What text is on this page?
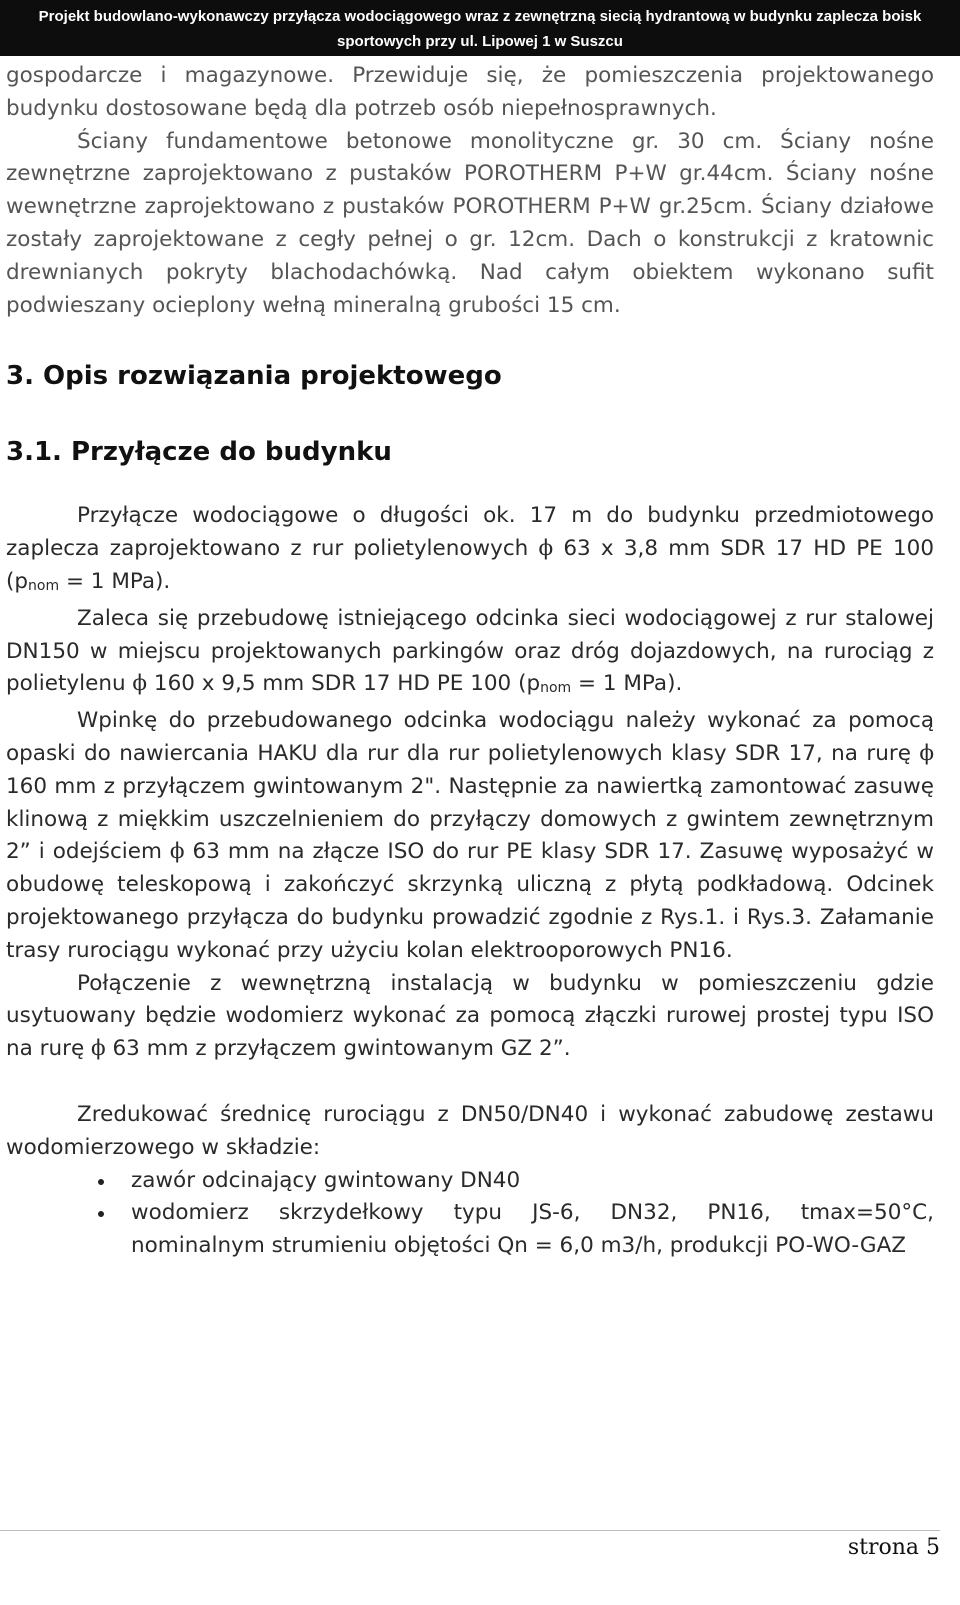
Projekt budowlano-wykonawczy przyłącza wodociągowego wraz z zewnętrzną siecią hydrantową w budynku zaplecza boisk
sportowych przy ul. Lipowej 1 w Suszcu

gospodarcze i magazynowe. Przewiduje się, że pomieszczenia projektowanego budynku dostosowane będą dla potrzeb osób niepełnosprawnych.

Ściany fundamentowe betonowe monolityczne gr. 30 cm. Ściany nośne zewnętrzne zaprojektowano z pustaków POROTHERM P+W gr.44cm. Ściany nośne wewnętrzne zaprojektowano z pustaków POROTHERM P+W gr.25cm. Ściany działowe zostały zaprojektowane z cegły pełnej o gr. 12cm. Dach o konstrukcji z kratownic drewnianych pokryty blachodachówką. Nad całym obiektem wykonano sufit podwieszany ocieplony wełną mineralną grubości 15 cm.

3. Opis rozwiązania projektowego
3.1. Przyłącze do budynku

Przyłącze wodociągowe o długości ok. 17 m do budynku przedmiotowego zaplecza zaprojektowano z rur polietylenowych ϕ 63 x 3,8 mm SDR 17 HD PE 100 ($p_{nom} = 1$ MPa).

Zaleca się przebudowę istniejącego odcinka sieci wodociągowej z rur stalowej DN150 w miejscu projektowanych parkingów oraz dróg dojazdowych, na rurociąg z polietylenu ϕ 160 x 9,5 mm SDR 17 HD PE 100 ($p_{nom} = 1$ MPa).

Wpinkę do przebudowanego odcinka wodociągu należy wykonać za pomocą opaski do nawiercania HAKU dla rur dla rur polietylenowych klasy SDR 17, na rurę ϕ 160 mm z przyłączem gwintowanym 2". Następnie za nawiertką zamontować zasuwę klinową z miękkim uszczelnieniem do przyłączy domowych z gwintem zewnętrznym 2” i odejściem ϕ 63 mm na złącze ISO do rur PE klasy SDR 17. Zasuwę wyposażyć w obudowę teleskopową i zakończyć skrzynką uliczną z płytą podkładową. Odcinek projektowanego przyłącza do budynku prowadzić zgodnie z Rys.1. i Rys.3. Załamanie trasy rurociągu wykonać przy użyciu kolan elektrooporowych PN16.

Połączenie z wewnętrzną instalacją w budynku w pomieszczeniu gdzie usytuowany będzie wodomierz wykonać za pomocą złączki rurowej prostej typu ISO na rurę ϕ 63 mm z przyłączem gwintowanym GZ 2”.

Zredukować średnicę rurociągu z DN50/DN40 i wykonać zabudowę zestawu wodomierzowego w składzie:

zawór odcinający gwintowany DN40
wodomierz skrzydełkowy typu JS-6, DN32, PN16, tmax=50°C, nominalnym strumieniu objętości Qn = 6,0 m3/h, produkcji PO-WO-GAZ
strona 5
